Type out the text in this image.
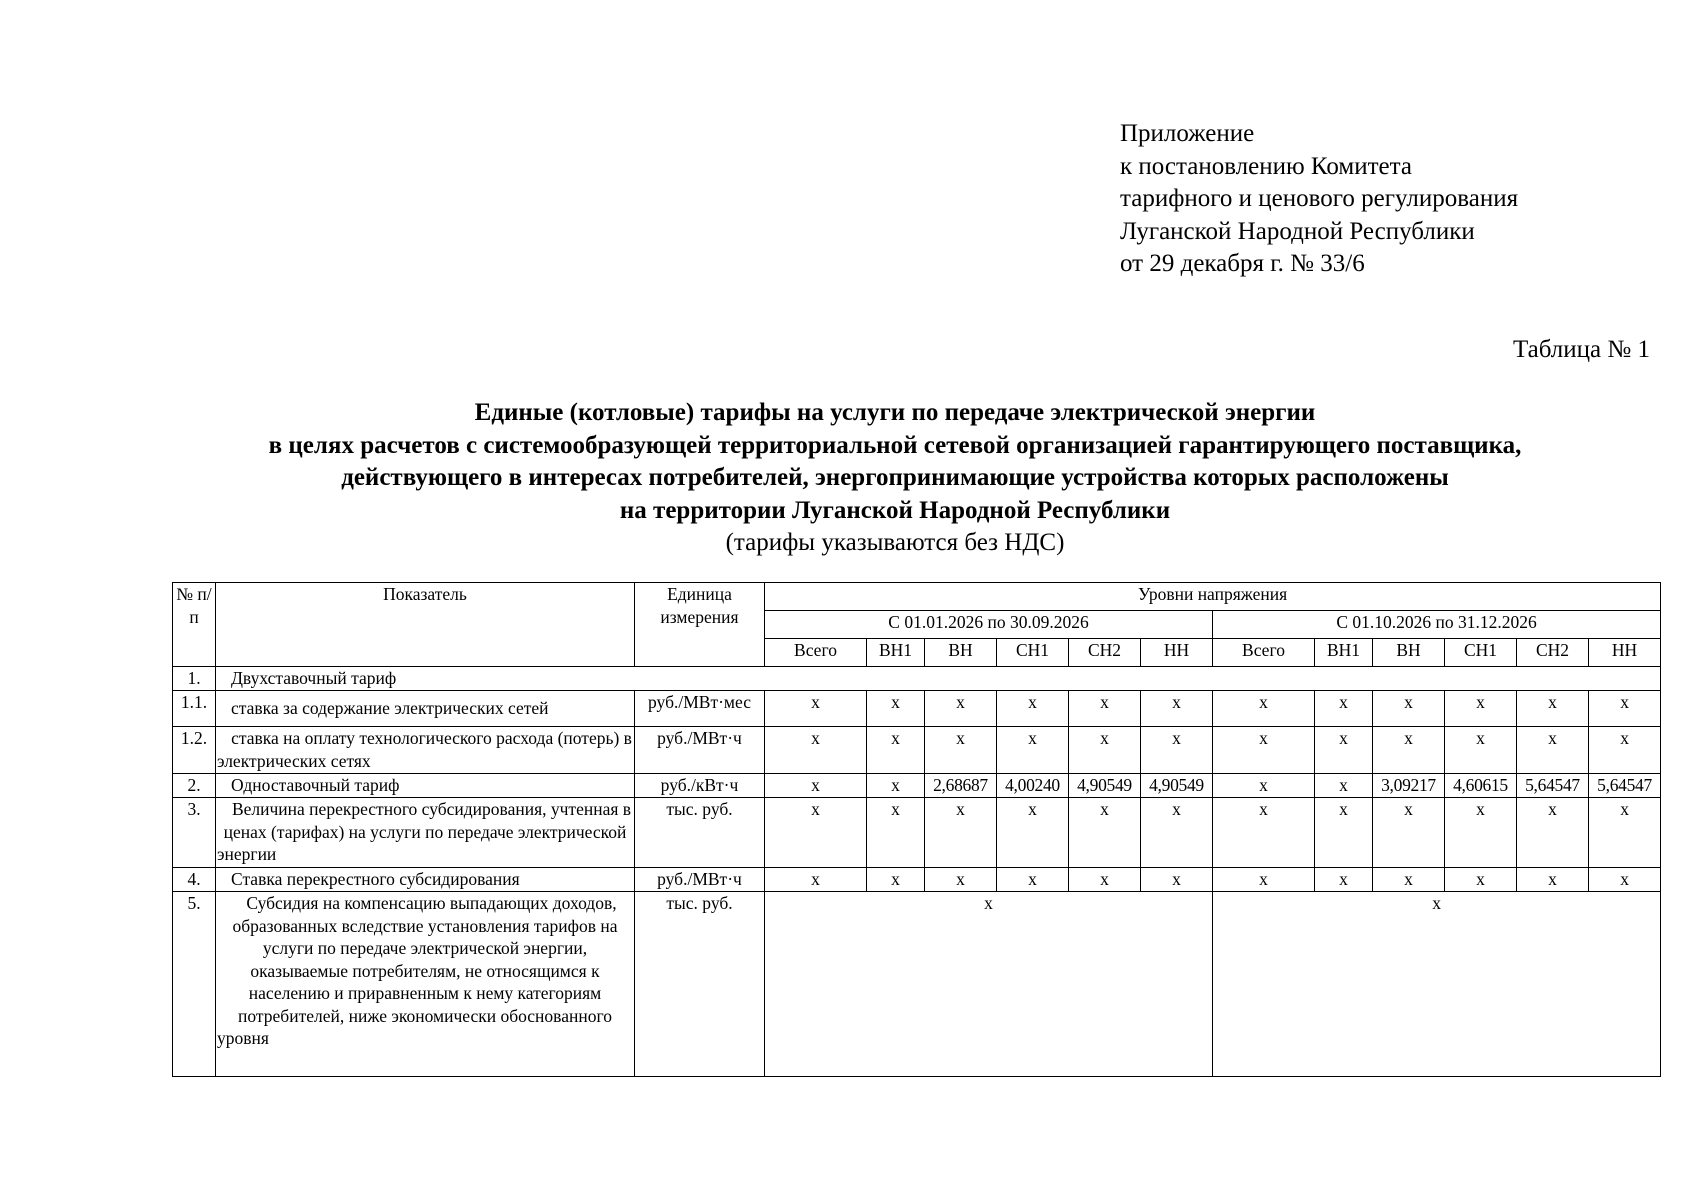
Приложение
к постановлению Комитета
тарифного и ценового регулирования
Луганской Народной Республики
от 29 декабря г. № 33/6
Таблица № 1
Единые (котловые) тарифы на услуги по передаче электрической энергии
в целях расчетов с системообразующей территориальной сетевой организацией гарантирующего поставщика,
действующего в интересах потребителей, энергопринимающие устройства которых расположены
на территории Луганской Народной Республики
(тарифы указываются без НДС)
№ п/п	Показатель	Единица измерения	Уровни напряжения											
			С 01.01.2026 по 30.09.2026						С 01.10.2026 по 31.12.2026					
			Всего	ВН1	ВН	СН1	СН2	НН	Всего	ВН1	ВН	СН1	СН2	НН
1.	Двухставочный тариф													
1.1.	ставка за содержание электрических сетей	руб./МВт·мес	х	х	х	х	х	х	х	х	х	х	х	х
1.2.	ставка на оплату технологического расхода (потерь) в электрических сетях	руб./МВт·ч	х	х	х	х	х	х	х	х	х	х	х	х
2.	Одноставочный тариф	руб./кВт·ч	х	х	2,68687	4,00240	4,90549	4,90549	х	х	3,09217	4,60615	5,64547	5,64547
3.	Величина перекрестного субсидирования, учтенная в ценах (тарифах) на услуги по передаче электрической энергии	тыс. руб.	х	х	х	х	х	х	х	х	х	х	х	х
4.	Ставка перекрестного субсидирования	руб./МВт·ч	х	х	х	х	х	х	х	х	х	х	х	х
5.	Субсидия на компенсацию выпадающих доходов, образованных вследствие установления тарифов на услуги по передаче электрической энергии, оказываемые потребителям, не относящимся к населению и приравненным к нему категориям потребителей, ниже экономически обоснованного уровня	тыс. руб.	х						х					
